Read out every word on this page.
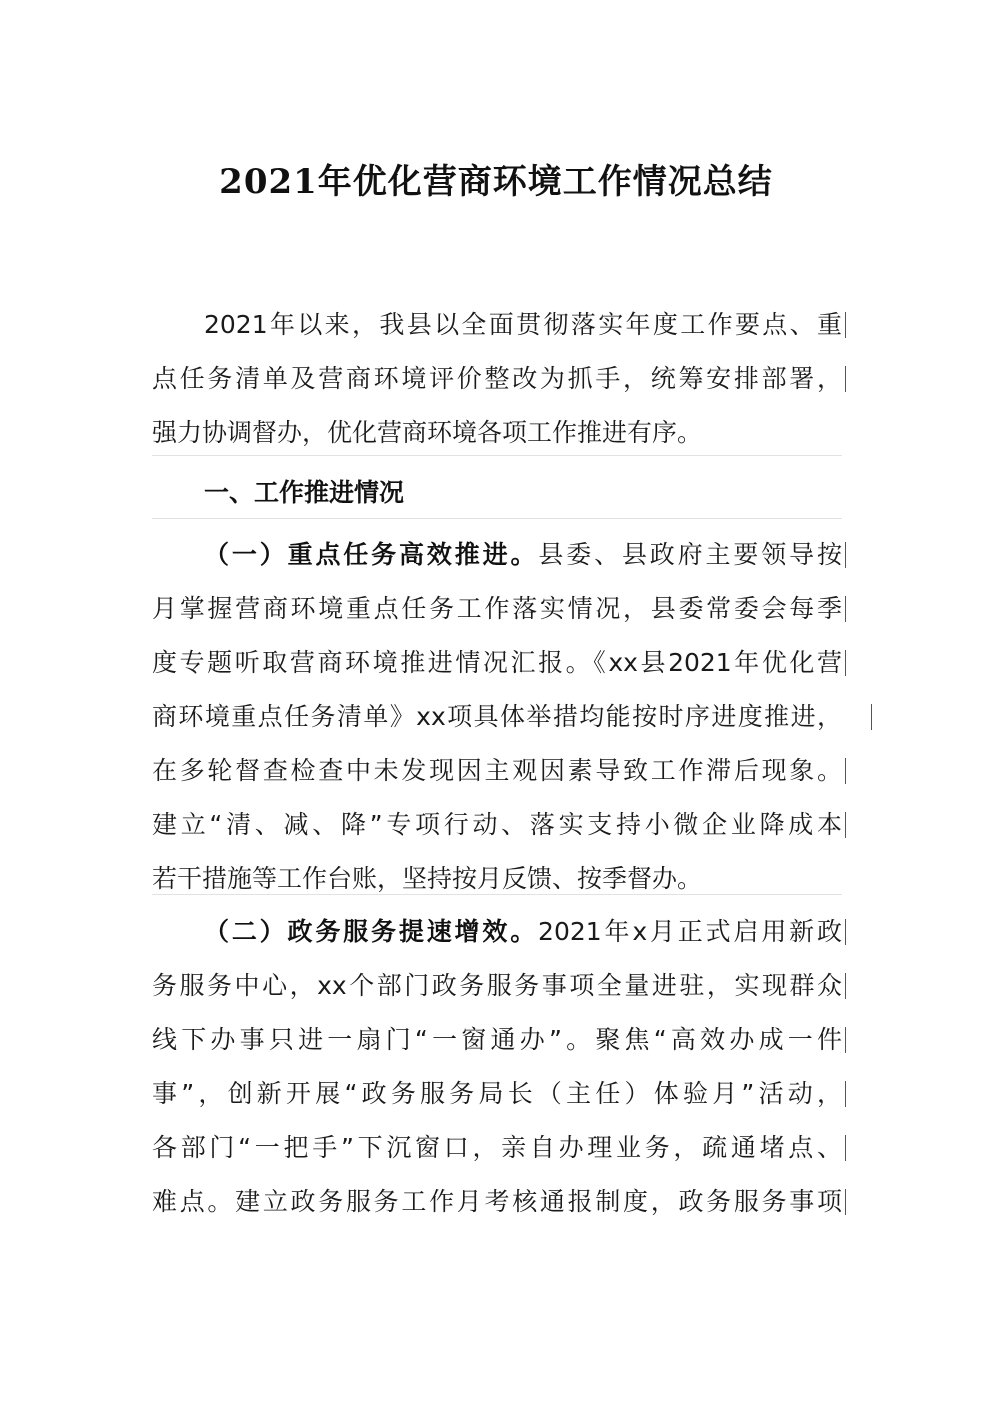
2021年优化营商环境工作情况总结
2021年以来，我县以全面贯彻落实年度工作要点、重
点任务清单及营商环境评价整改为抓手，统筹安排部署，
强力协调督办，优化营商环境各项工作推进有序。
一、工作推进情况
（一）重点任务高效推进。县委、县政府主要领导按
月掌握营商环境重点任务工作落实情况，县委常委会每季
度专题听取营商环境推进情况汇报。《xx县2021年优化营
商环境重点任务清单》xx项具体举措均能按时序进度推进，
在多轮督查检查中未发现因主观因素导致工作滞后现象。
建立“清、减、降”专项行动、落实支持小微企业降成本
若干措施等工作台账，坚持按月反馈、按季督办。
（二）政务服务提速增效。2021年x月正式启用新政
务服务中心，xx个部门政务服务事项全量进驻，实现群众
线下办事只进一扇门“一窗通办”。聚焦“高效办成一件
事”，创新开展“政务服务局长（主任）体验月”活动，
各部门“一把手”下沉窗口，亲自办理业务，疏通堵点、
难点。建立政务服务工作月考核通报制度，政务服务事项
